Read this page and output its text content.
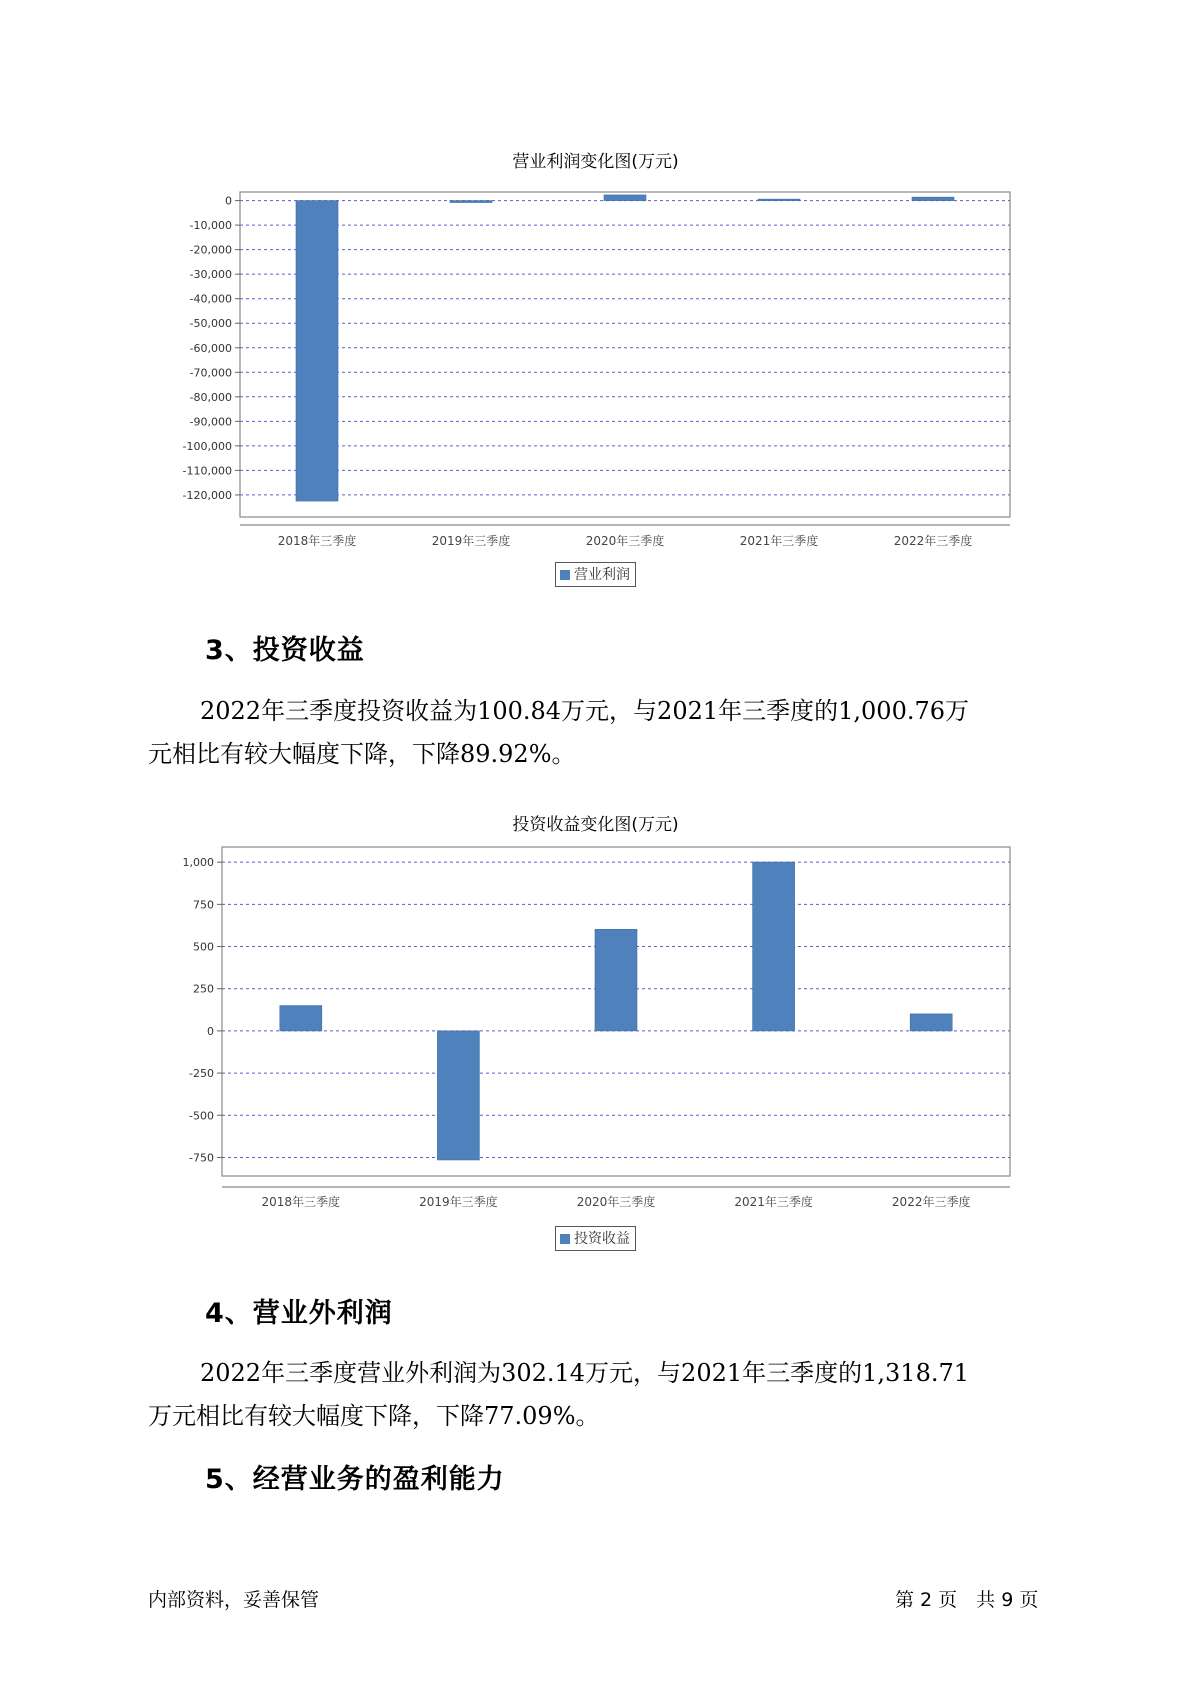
营业利润变化图(万元)
0
-10,000
-20,000
-30,000
-40,000
-50,000
-60,000
-70,000
-80,000
-90,000
-100,000
-110,000
-120,000
2018年三季度	2019年三季度	2020年三季度	2021年三季度	2022年三季度
营业利润
3、投资收益
2022年三季度投资收益为100.84万元，与2021年三季度的1,000.76万
元相比有较大幅度下降，下降89.92%。
投资收益变化图(万元)
1,000
750
500
250
0
-250
-500
-750
2018年三季度	2019年三季度	2020年三季度	2021年三季度	2022年三季度
投资收益
4、营业外利润
2022年三季度营业外利润为302.14万元，与2021年三季度的1,318.71
万元相比有较大幅度下降，下降77.09%。
5、经营业务的盈利能力
内部资料，妥善保管	第 2 页　共 9 页
